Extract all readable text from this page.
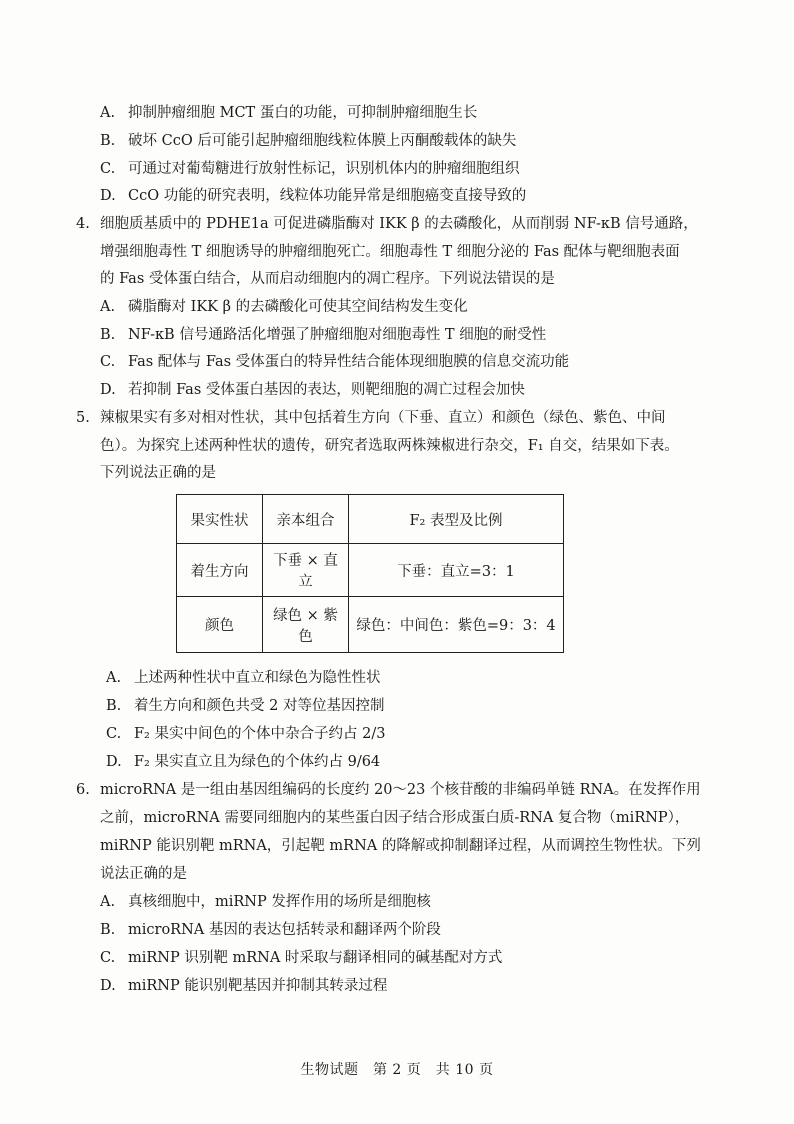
A. 抑制肿瘤细胞 MCT 蛋白的功能，可抑制肿瘤细胞生长
B. 破坏 CcO 后可能引起肿瘤细胞线粒体膜上丙酮酸载体的缺失
C. 可通过对葡萄糖进行放射性标记，识别机体内的肿瘤细胞组织
D. CcO 功能的研究表明，线粒体功能异常是细胞癌变直接导致的
4. 细胞质基质中的 PDHE1a 可促进磷脂酶对 IKK β 的去磷酸化，从而削弱 NF-κB 信号通路，
增强细胞毒性 T 细胞诱导的肿瘤细胞死亡。细胞毒性 T 细胞分泌的 Fas 配体与靶细胞表面
的 Fas 受体蛋白结合，从而启动细胞内的凋亡程序。下列说法错误的是
A. 磷脂酶对 IKK β 的去磷酸化可使其空间结构发生变化
B. NF-κB 信号通路活化增强了肿瘤细胞对细胞毒性 T 细胞的耐受性
C. Fas 配体与 Fas 受体蛋白的特异性结合能体现细胞膜的信息交流功能
D. 若抑制 Fas 受体蛋白基因的表达，则靶细胞的凋亡过程会加快
5. 辣椒果实有多对相对性状，其中包括着生方向（下垂、直立）和颜色（绿色、紫色、中间
色）。为探究上述两种性状的遗传，研究者选取两株辣椒进行杂交，F₁ 自交，结果如下表。
下列说法正确的是
果实性状	亲本组合	F₂ 表型及比例
着生方向	下垂 × 直立	下垂：直立=3：1
颜色	绿色 × 紫色	绿色：中间色：紫色=9：3：4
A. 上述两种性状中直立和绿色为隐性性状
B. 着生方向和颜色共受 2 对等位基因控制
C. F₂ 果实中间色的个体中杂合子约占 2/3
D. F₂ 果实直立且为绿色的个体约占 9/64
6. microRNA 是一组由基因组编码的长度约 20～23 个核苷酸的非编码单链 RNA。在发挥作用
之前，microRNA 需要同细胞内的某些蛋白因子结合形成蛋白质-RNA 复合物（miRNP），
miRNP 能识别靶 mRNA，引起靶 mRNA 的降解或抑制翻译过程，从而调控生物性状。下列
说法正确的是
A. 真核细胞中，miRNP 发挥作用的场所是细胞核
B. microRNA 基因的表达包括转录和翻译两个阶段
C. miRNP 识别靶 mRNA 时采取与翻译相同的碱基配对方式
D. miRNP 能识别靶基因并抑制其转录过程
生物试题　第 2 页　共 10 页
